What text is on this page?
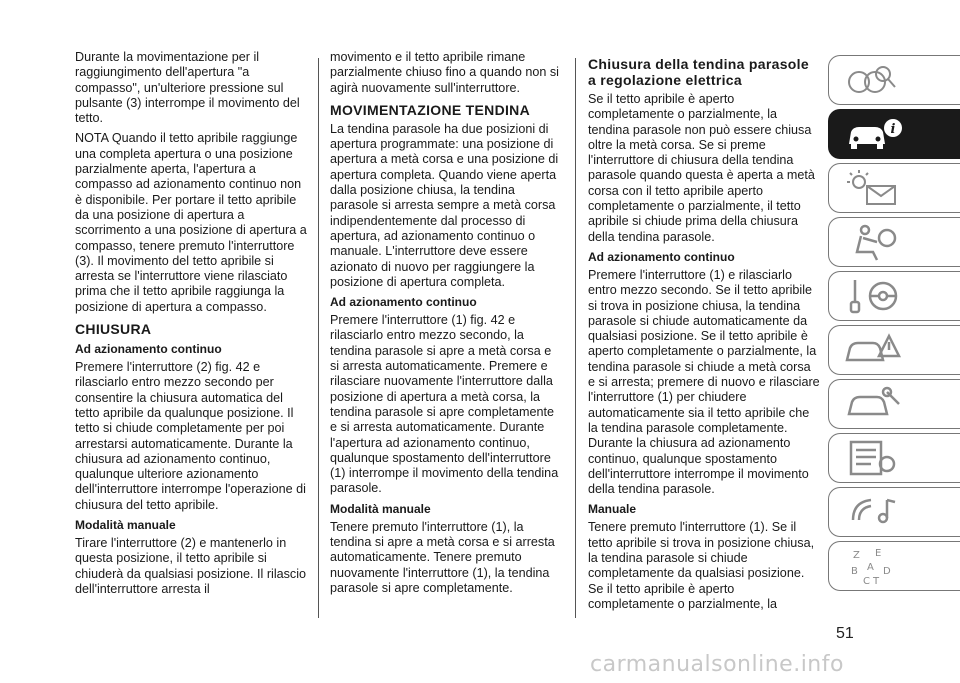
Durante la movimentazione per il raggiungimento dell'apertura "a compasso", un'ulteriore pressione sul pulsante (3) interrompe il movimento del tetto.

NOTA Quando il tetto apribile raggiunge una completa apertura o una posizione parzialmente aperta, l'apertura a compasso ad azionamento continuo non è disponibile. Per portare il tetto apribile da una posizione di apertura a scorrimento a una posizione di apertura a compasso, tenere premuto l'interruttore (3). Il movimento del tetto apribile si arresta se l'interruttore viene rilasciato prima che il tetto apribile raggiunga la posizione di apertura a compasso.

CHIUSURA
Ad azionamento continuo

Premere l'interruttore (2) fig. 42 e rilasciarlo entro mezzo secondo per consentire la chiusura automatica del tetto apribile da qualunque posizione. Il tetto si chiude completamente per poi arrestarsi automaticamente. Durante la chiusura ad azionamento continuo, qualunque ulteriore azionamento dell'interruttore interrompe l'operazione di chiusura del tetto apribile.

Modalità manuale

Tirare l'interruttore (2) e mantenerlo in questa posizione, il tetto apribile si chiuderà da qualsiasi posizione. Il rilascio dell'interruttore arresta il

movimento e il tetto apribile rimane parzialmente chiuso fino a quando non si agirà nuovamente sull'interruttore.

MOVIMENTAZIONE TENDINA

La tendina parasole ha due posizioni di apertura programmate: una posizione di apertura a metà corsa e una posizione di apertura completa. Quando viene aperta dalla posizione chiusa, la tendina parasole si arresta sempre a metà corsa indipendentemente dal processo di apertura, ad azionamento continuo o manuale. L'interruttore deve essere azionato di nuovo per raggiungere la posizione di apertura completa.

Ad azionamento continuo

Premere l'interruttore (1) fig. 42 e rilasciarlo entro mezzo secondo, la tendina parasole si apre a metà corsa e si arresta automaticamente. Premere e rilasciare nuovamente l'interruttore dalla posizione di apertura a metà corsa, la tendina parasole si apre completamente e si arresta automaticamente. Durante l'apertura ad azionamento continuo, qualunque spostamento dell'interruttore (1) interrompe il movimento della tendina parasole.

Modalità manuale

Tenere premuto l'interruttore (1), la tendina si apre a metà corsa e si arresta automaticamente. Tenere premuto nuovamente l'interruttore (1), la tendina parasole si apre completamente.

Chiusura della tendina parasole a regolazione elettrica

Se il tetto apribile è aperto completamente o parzialmente, la tendina parasole non può essere chiusa oltre la metà corsa. Se si preme l'interruttore di chiusura della tendina parasole quando questa è aperta a metà corsa con il tetto apribile aperto completamente o parzialmente, il tetto apribile si chiude prima della chiusura della tendina parasole.

Ad azionamento continuo

Premere l'interruttore (1) e rilasciarlo entro mezzo secondo. Se il tetto apribile si trova in posizione chiusa, la tendina parasole si chiude automaticamente da qualsiasi posizione. Se il tetto apribile è aperto completamente o parzialmente, la tendina parasole si chiude a metà corsa e si arresta; premere di nuovo e rilasciare l'interruttore (1) per chiudere automaticamente sia il tetto apribile che la tendina parasole completamente. Durante la chiusura ad azionamento continuo, qualunque spostamento dell'interruttore interrompe il movimento della tendina parasole.

Manuale

Tenere premuto l'interruttore (1). Se il tetto apribile si trova in posizione chiusa, la tendina parasole si chiude completamente da qualsiasi posizione. Se il tetto apribile è aperto completamente o parzialmente, la

i
Z E
B A D
C T
51
carmanualsonline.info
